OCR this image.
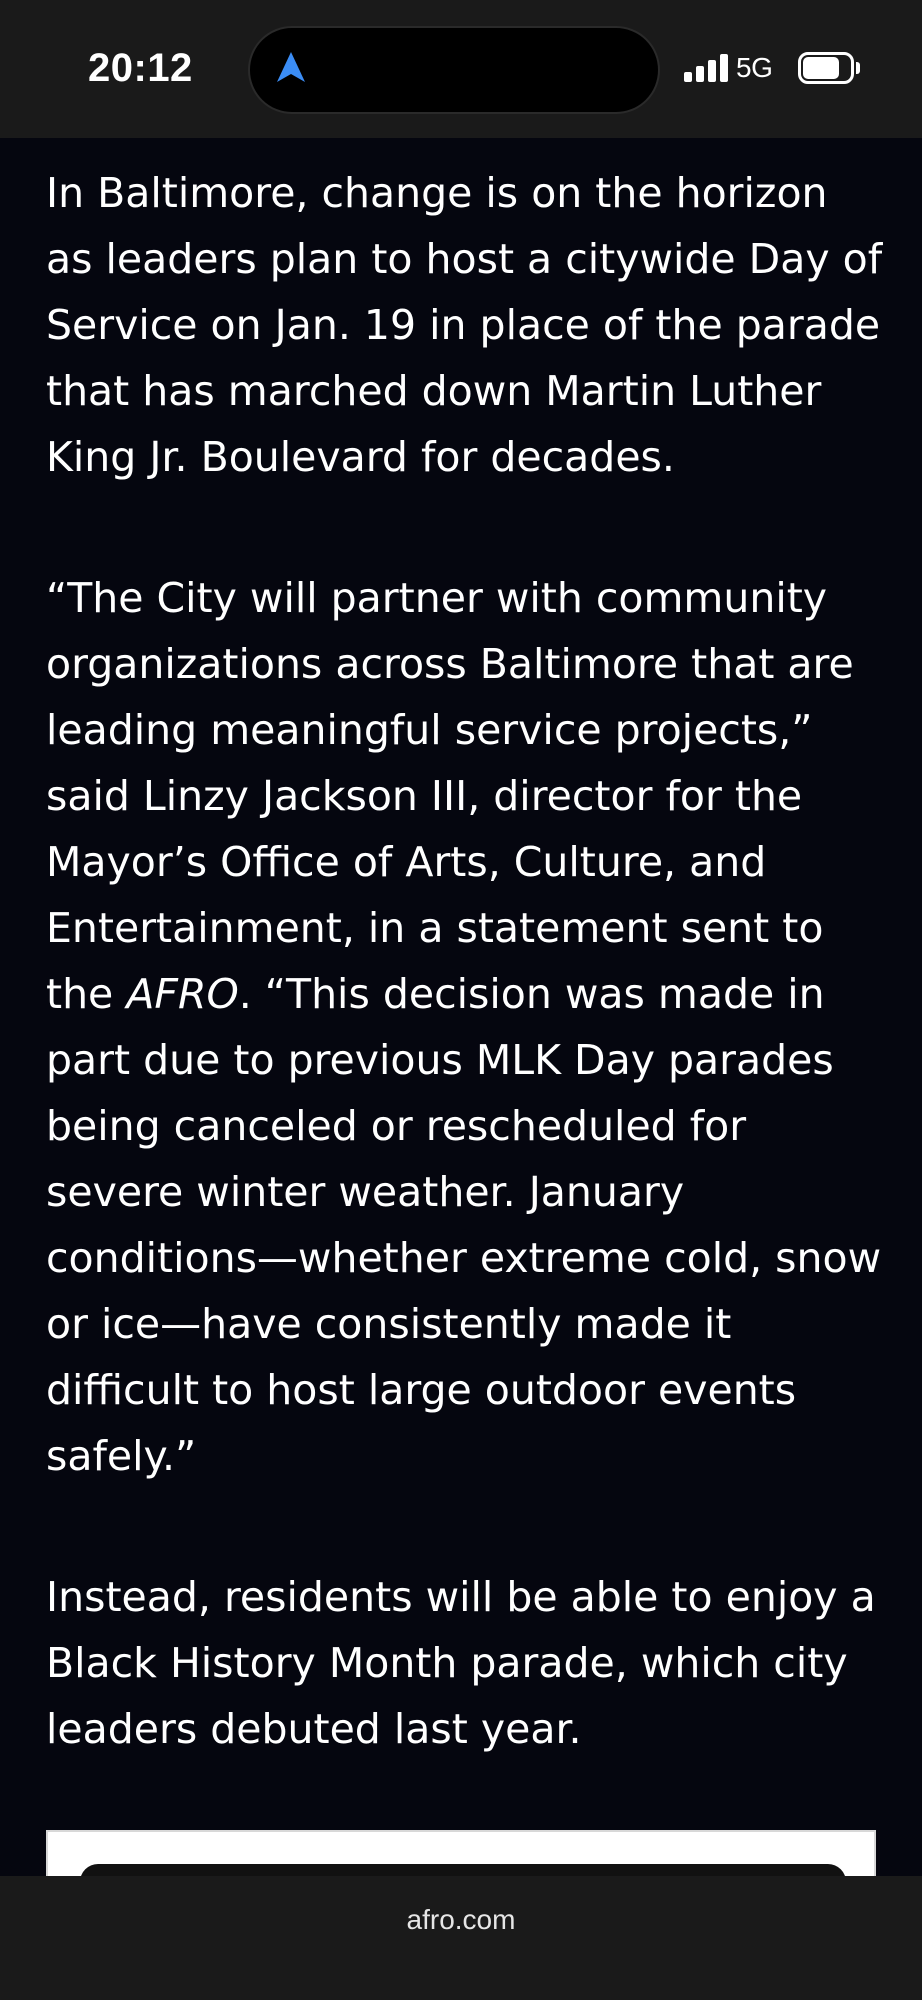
20:12	5G

In Baltimore, change is on the horizon as leaders plan to host a citywide Day of Service on Jan. 19 in place of the parade that has marched down Martin Luther King Jr. Boulevard for decades.

“The City will partner with community organizations across Baltimore that are leading meaningful service projects,” said Linzy Jackson III, director for the Mayor’s Office of Arts, Culture, and Entertainment, in a statement sent to the AFRO. “This decision was made in part due to previous MLK Day parades being canceled or rescheduled for severe winter weather. January conditions—whether extreme cold, snow or ice—have consistently made it difficult to host large outdoor events safely.”

Instead, residents will be able to enjoy a Black History Month parade, which city leaders debuted last year.

afro.com
